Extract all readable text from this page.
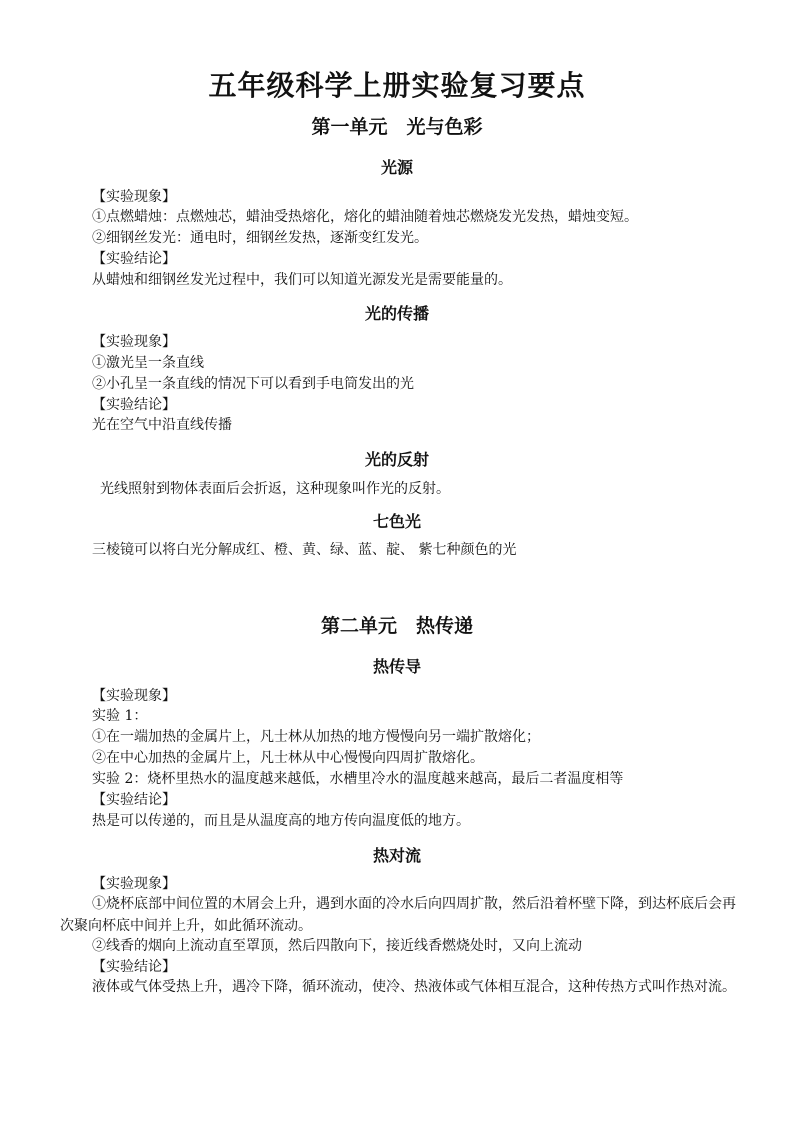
五年级科学上册实验复习要点
第一单元　光与色彩
光源
【实验现象】
①点燃蜡烛：点燃烛芯，蜡油受热熔化，熔化的蜡油随着烛芯燃烧发光发热，蜡烛变短。
②细钢丝发光：通电时，细钢丝发热，逐渐变红发光。
【实验结论】
从蜡烛和细钢丝发光过程中，我们可以知道光源发光是需要能量的。
光的传播
【实验现象】
①激光呈一条直线
②小孔呈一条直线的情况下可以看到手电筒发出的光
【实验结论】
光在空气中沿直线传播
光的反射
光线照射到物体表面后会折返，这种现象叫作光的反射。
七色光
三棱镜可以将白光分解成红、橙、黄、绿、蓝、靛、 紫七种颜色的光
第二单元　热传递
热传导
【实验现象】
实验 1：
①在一端加热的金属片上，凡士林从加热的地方慢慢向另一端扩散熔化；
②在中心加热的金属片上，凡士林从中心慢慢向四周扩散熔化。
实验 2：烧杯里热水的温度越来越低，水槽里冷水的温度越来越高，最后二者温度相等
【实验结论】
热是可以传递的，而且是从温度高的地方传向温度低的地方。
热对流
【实验现象】
①烧杯底部中间位置的木屑会上升，遇到水面的冷水后向四周扩散，然后沿着杯壁下降，到达杯底后会再次聚向杯底中间并上升，如此循环流动。
②线香的烟向上流动直至罩顶，然后四散向下，接近线香燃烧处时，又向上流动
【实验结论】
液体或气体受热上升，遇冷下降，循环流动，使冷、热液体或气体相互混合，这种传热方式叫作热对流。
